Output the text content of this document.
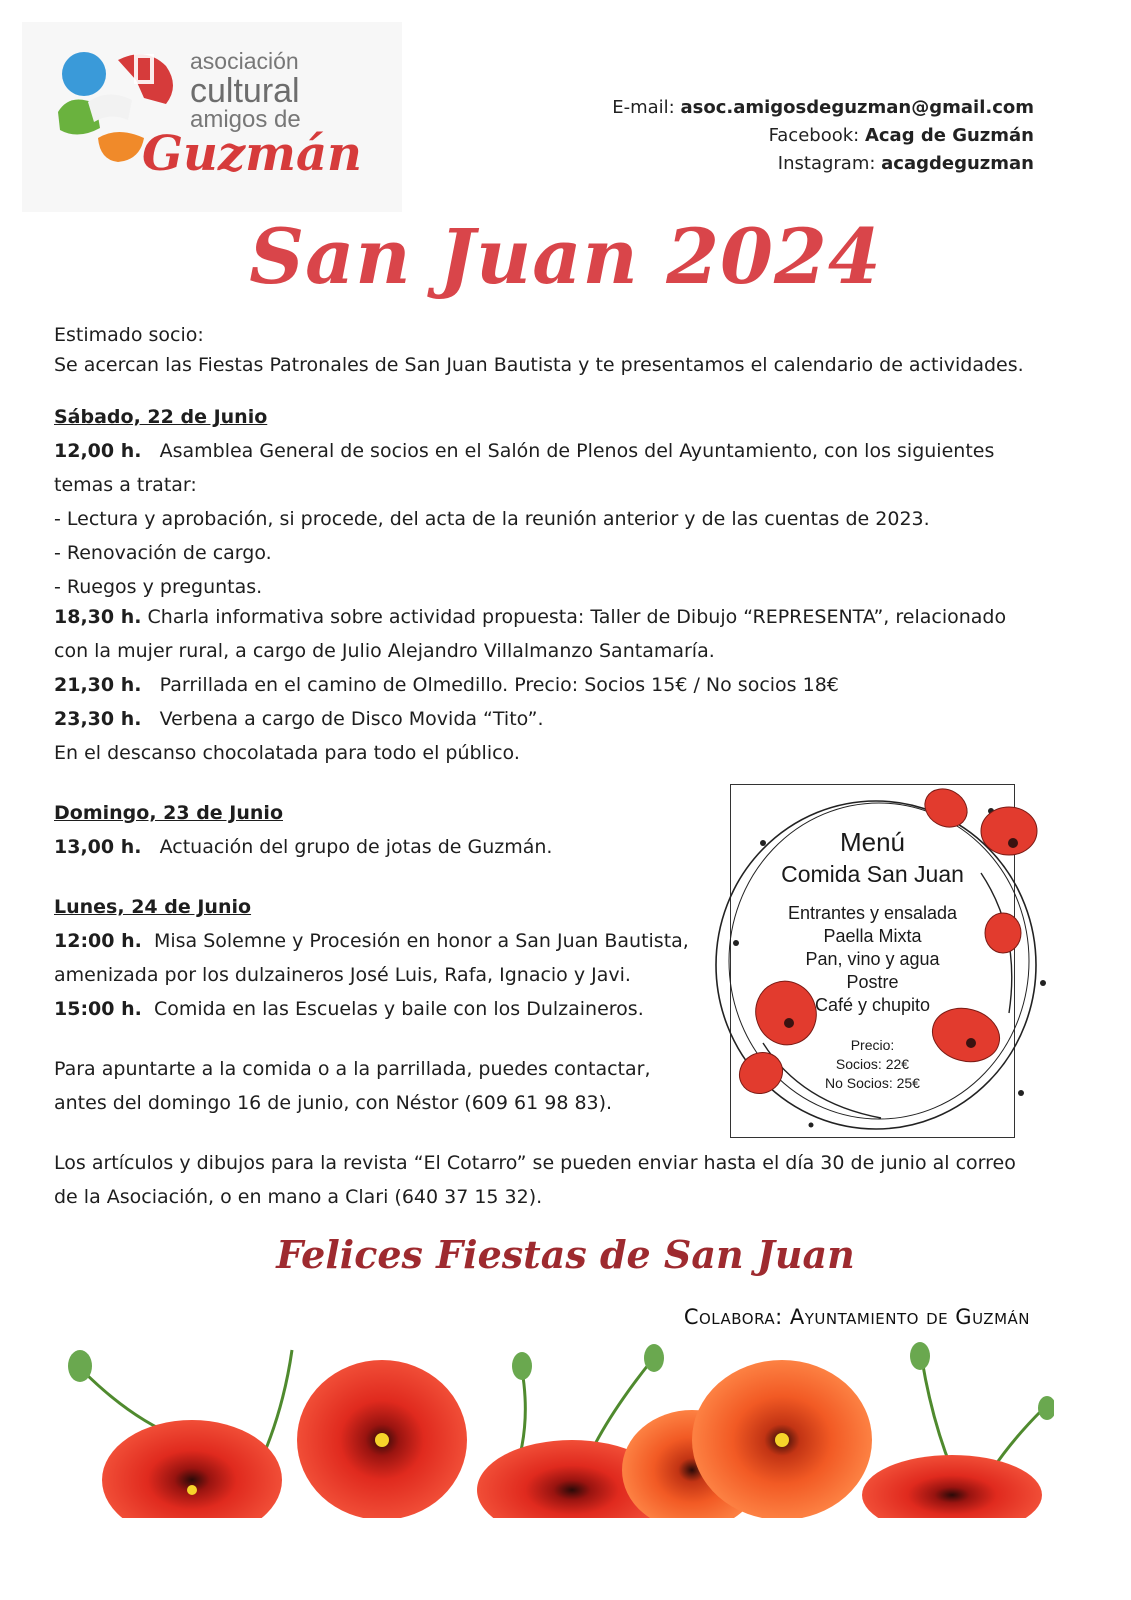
asociación
cultural
amigos de
Guzmán
E-mail: asoc.amigosdeguzman@gmail.com
Facebook: Acag de Guzmán
Instagram: acagdeguzman
San Juan 2024
Estimado socio:
Se acercan las Fiestas Patronales de San Juan Bautista y te presentamos el calendario de actividades.
Sábado, 22 de Junio
12,00 h. Asamblea General de socios en el Salón de Plenos del Ayuntamiento, con los siguientes
temas a tratar:
- Lectura y aprobación, si procede, del acta de la reunión anterior y de las cuentas de 2023.
- Renovación de cargo.
- Ruegos y preguntas.
18,30 h. Charla informativa sobre actividad propuesta: Taller de Dibujo “REPRESENTA”, relacionado
con la mujer rural, a cargo de Julio Alejandro Villalmanzo Santamaría.
21,30 h. Parrillada en el camino de Olmedillo. Precio: Socios 15€ / No socios 18€
23,30 h. Verbena a cargo de Disco Movida “Tito”.
En el descanso chocolatada para todo el público.
Domingo, 23 de Junio
13,00 h. Actuación del grupo de jotas de Guzmán.
Lunes, 24 de Junio
12:00 h. Misa Solemne y Procesión en honor a San Juan Bautista,
amenizada por los dulzaineros José Luis, Rafa, Ignacio y Javi.
15:00 h. Comida en las Escuelas y baile con los Dulzaineros.
Para apuntarte a la comida o a la parrillada, puedes contactar,
antes del domingo 16 de junio, con Néstor (609 61 98 83).
Los artículos y dibujos para la revista “El Cotarro” se pueden enviar hasta el día 30 de junio al correo
de la Asociación, o en mano a Clari (640 37 15 32).
Menú
Comida San Juan
Entrantes y ensalada
Paella Mixta
Pan, vino y agua
Postre
Café y chupito
Precio:
Socios: 22€
No Socios: 25€
Felices Fiestas de San Juan
Colabora: Ayuntamiento de Guzmán
